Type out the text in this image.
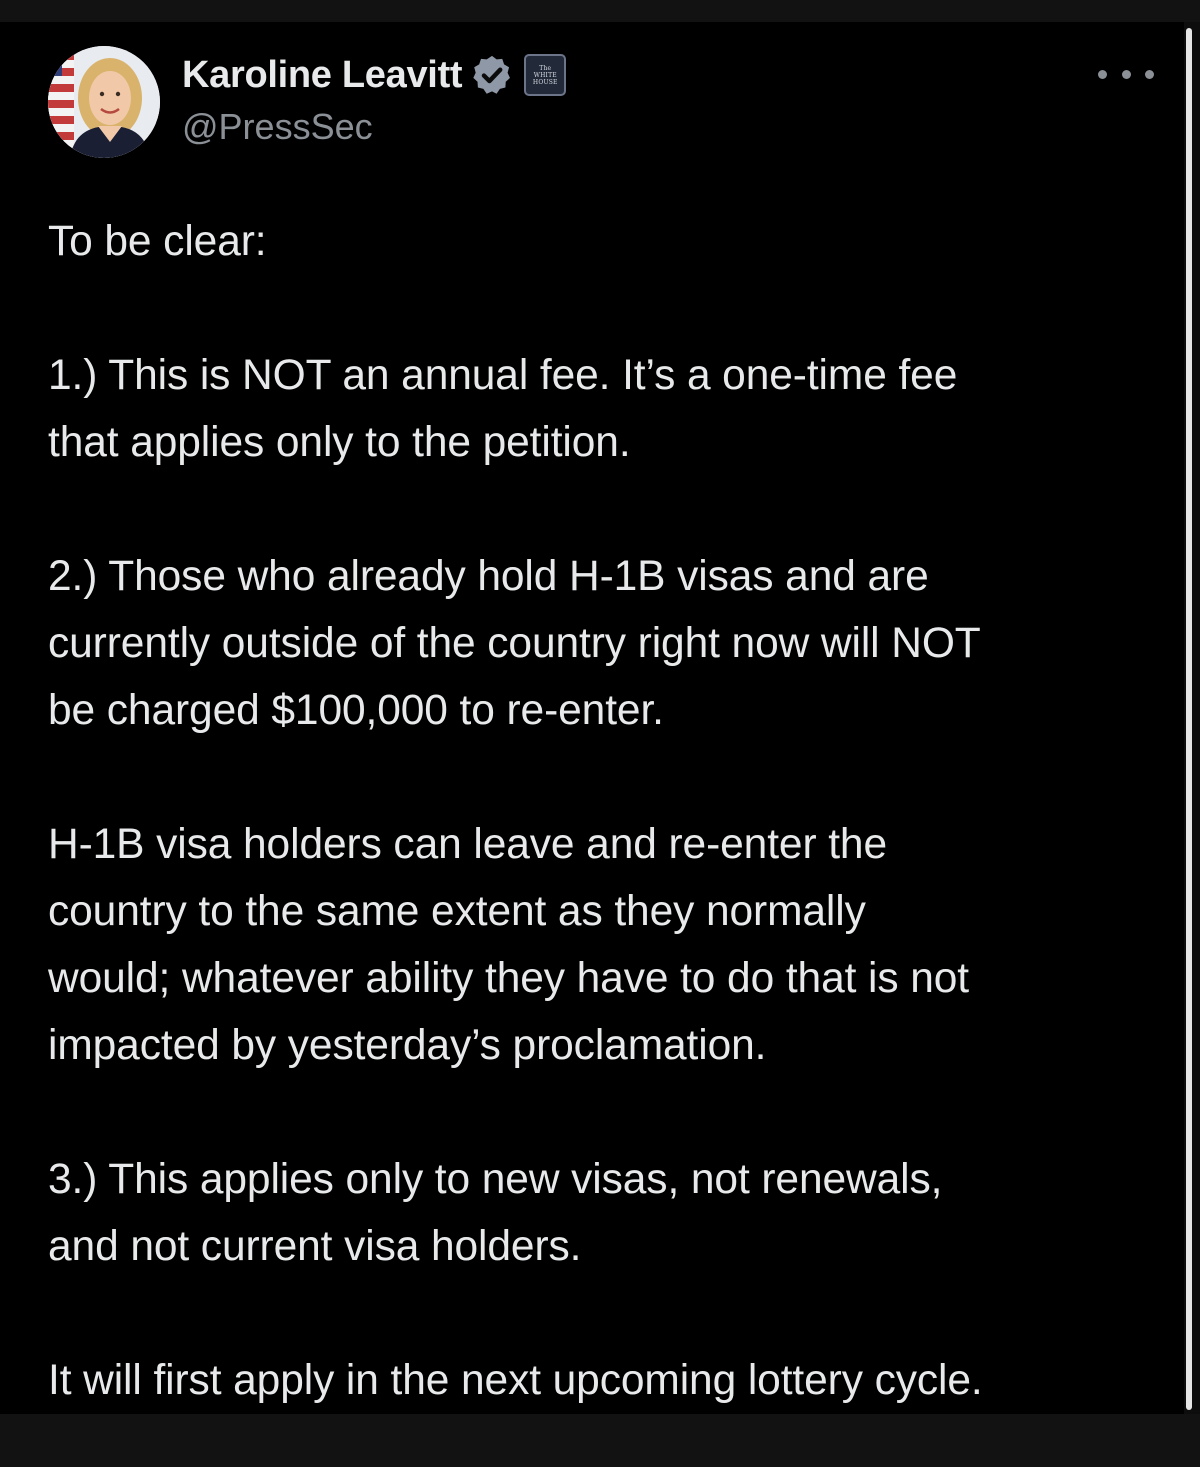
Karoline Leavitt	The
WHITE
HOUSE
@PressSec

To be clear:

1.) This is NOT an annual fee. It’s a one-time fee
that applies only to the petition.

2.) Those who already hold H-1B visas and are
currently outside of the country right now will NOT
be charged $100,000 to re-enter.

H-1B visa holders can leave and re-enter the
country to the same extent as they normally
would; whatever ability they have to do that is not
impacted by yesterday’s proclamation.

3.) This applies only to new visas, not renewals,
and not current visa holders.

It will first apply in the next upcoming lottery cycle.
